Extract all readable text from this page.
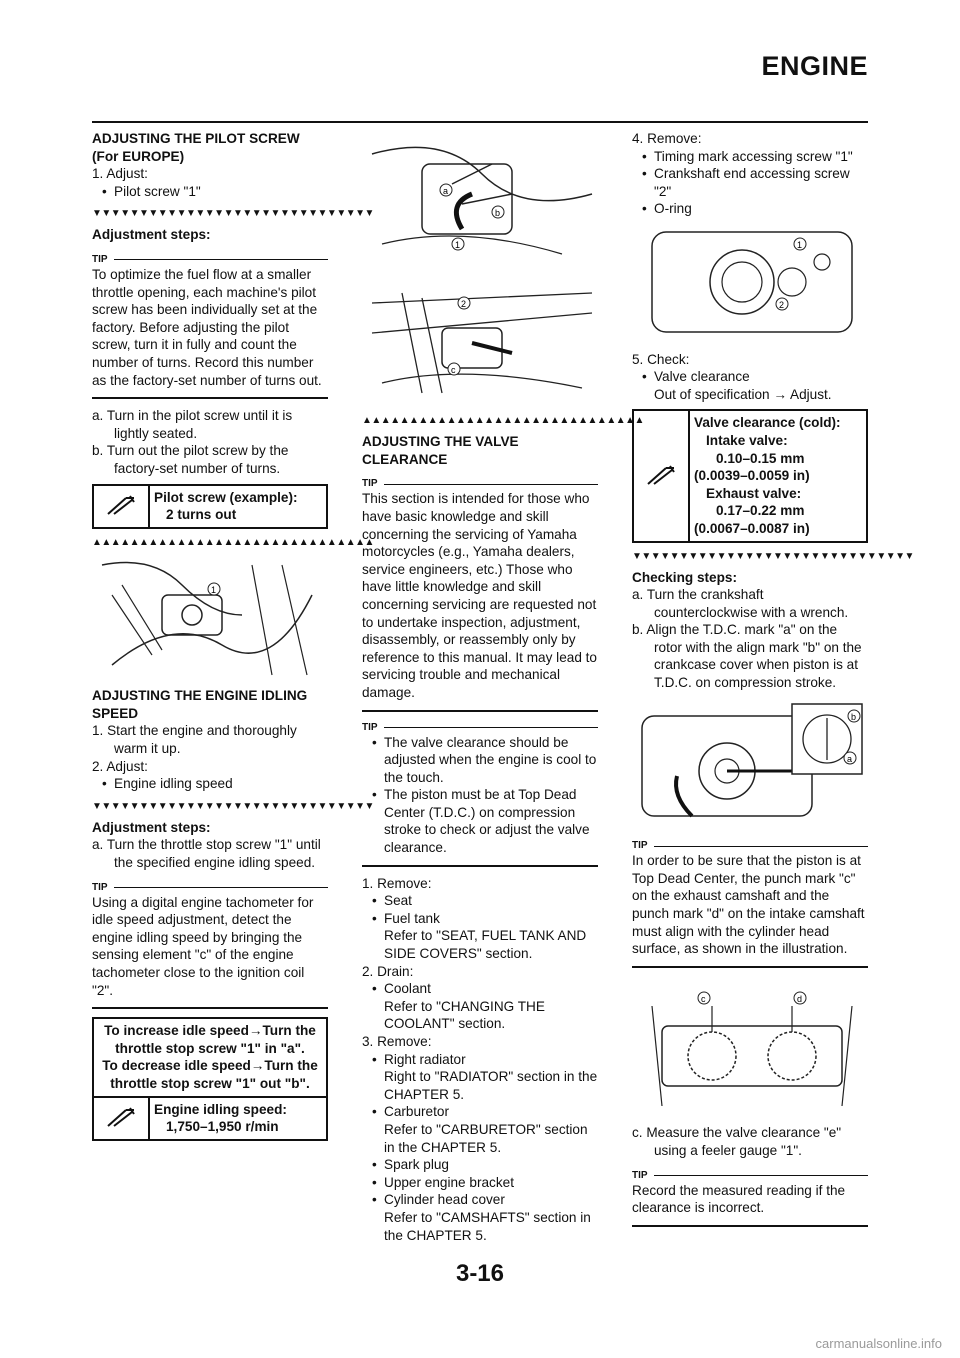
ENGINE
ADJUSTING THE PILOT SCREW (For EUROPE)
1. Adjust:
• Pilot screw "1"
▼▼▼▼▼▼▼▼▼▼▼▼▼▼▼▼▼▼▼▼▼▼▼▼▼▼▼▼▼▼
Adjustment steps:
TIP
To optimize the fuel flow at a smaller throttle opening, each machine's pilot screw has been individually set at the factory. Before adjusting the pilot screw, turn it in fully and count the number of turns. Record this number as the factory-set number of turns out.
a. Turn in the pilot screw until it is lightly seated.
b. Turn out the pilot screw by the factory-set number of turns.
Pilot screw (example):
2 turns out
▲▲▲▲▲▲▲▲▲▲▲▲▲▲▲▲▲▲▲▲▲▲▲▲▲▲▲▲▲▲
1
ADJUSTING THE ENGINE IDLING SPEED
1. Start the engine and thoroughly warm it up.
2. Adjust:
• Engine idling speed
▼▼▼▼▼▼▼▼▼▼▼▼▼▼▼▼▼▼▼▼▼▼▼▼▼▼▼▼▼▼
Adjustment steps:
a. Turn the throttle stop screw "1" until the specified engine idling speed.
TIP
Using a digital engine tachometer for idle speed adjustment, detect the engine idling speed by bringing the sensing element "c" of the engine tachometer close to the ignition coil "2".
To increase idle speed→Turn the
throttle stop screw "1" in "a".
To decrease idle speed→Turn the
throttle stop screw "1" out "b".
Engine idling speed:
1,750–1,950 r/min
a
b
1
2
c
▲▲▲▲▲▲▲▲▲▲▲▲▲▲▲▲▲▲▲▲▲▲▲▲▲▲▲▲▲▲
ADJUSTING THE VALVE CLEARANCE
TIP
This section is intended for those who have basic knowledge and skill concerning the servicing of Yamaha motorcycles (e.g., Yamaha dealers, service engineers, etc.) Those who have little knowledge and skill concerning servicing are requested not to undertake inspection, adjustment, disassembly, or reassembly only by reference to this manual. It may lead to servicing trouble and mechanical damage.
TIP
• The valve clearance should be adjusted when the engine is cool to the touch.
• The piston must be at Top Dead Center (T.D.C.) on compression stroke to check or adjust the valve clearance.
1. Remove:
• Seat
• Fuel tank
Refer to "SEAT, FUEL TANK AND SIDE COVERS" section.
2. Drain:
• Coolant
Refer to "CHANGING THE COOLANT" section.
3. Remove:
• Right radiator
Right to "RADIATOR" section in the CHAPTER 5.
• Carburetor
Refer to "CARBURETOR" section in the CHAPTER 5.
• Spark plug
• Upper engine bracket
• Cylinder head cover
Refer to "CAMSHAFTS" section in the CHAPTER 5.
4. Remove:
• Timing mark accessing screw "1"
• Crankshaft end accessing screw "2"
• O-ring
1
2
5. Check:
• Valve clearance
Out of specification → Adjust.
Valve clearance (cold):
Intake valve:
0.10–0.15 mm
(0.0039–0.0059 in)
Exhaust valve:
0.17–0.22 mm
(0.0067–0.0087 in)
▼▼▼▼▼▼▼▼▼▼▼▼▼▼▼▼▼▼▼▼▼▼▼▼▼▼▼▼▼▼
Checking steps:
a. Turn the crankshaft counterclockwise with a wrench.
b. Align the T.D.C. mark "a" on the rotor with the align mark "b" on the crankcase cover when piston is at T.D.C. on compression stroke.
b
a
TIP
In order to be sure that the piston is at Top Dead Center, the punch mark "c" on the exhaust camshaft and the punch mark "d" on the intake camshaft must align with the cylinder head surface, as shown in the illustration.
c	d
c. Measure the valve clearance "e" using a feeler gauge "1".
TIP
Record the measured reading if the clearance is incorrect.
3-16
carmanualsonline.info
